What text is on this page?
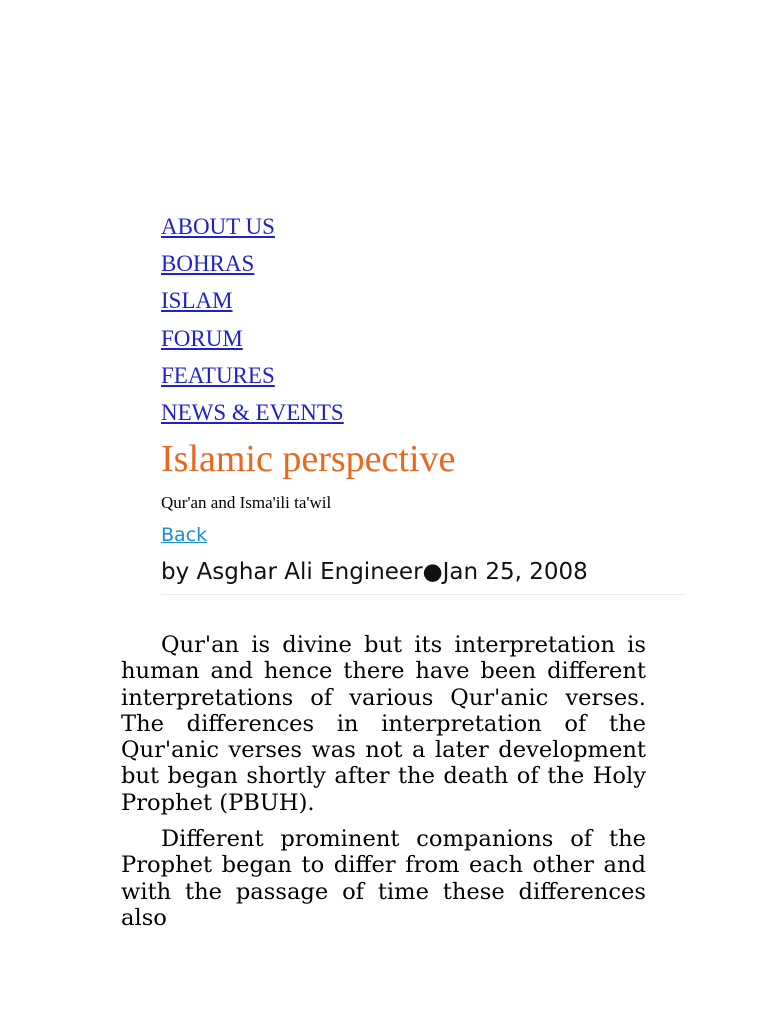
ABOUT US
BOHRAS
ISLAM
FORUM
FEATURES
NEWS & EVENTS
Islamic perspective
Qur'an and Isma'ili ta'wil
Back
by Asghar Ali Engineer●Jan 25, 2008

Qur'an is divine but its interpretation is human and hence there have been different interpretations of various Qur'anic verses. The differences in interpretation of the Qur'anic verses was not a later development but began shortly after the death of the Holy Prophet (PBUH).

Different prominent companions of the Prophet began to differ from each other and with the passage of time these differences also
